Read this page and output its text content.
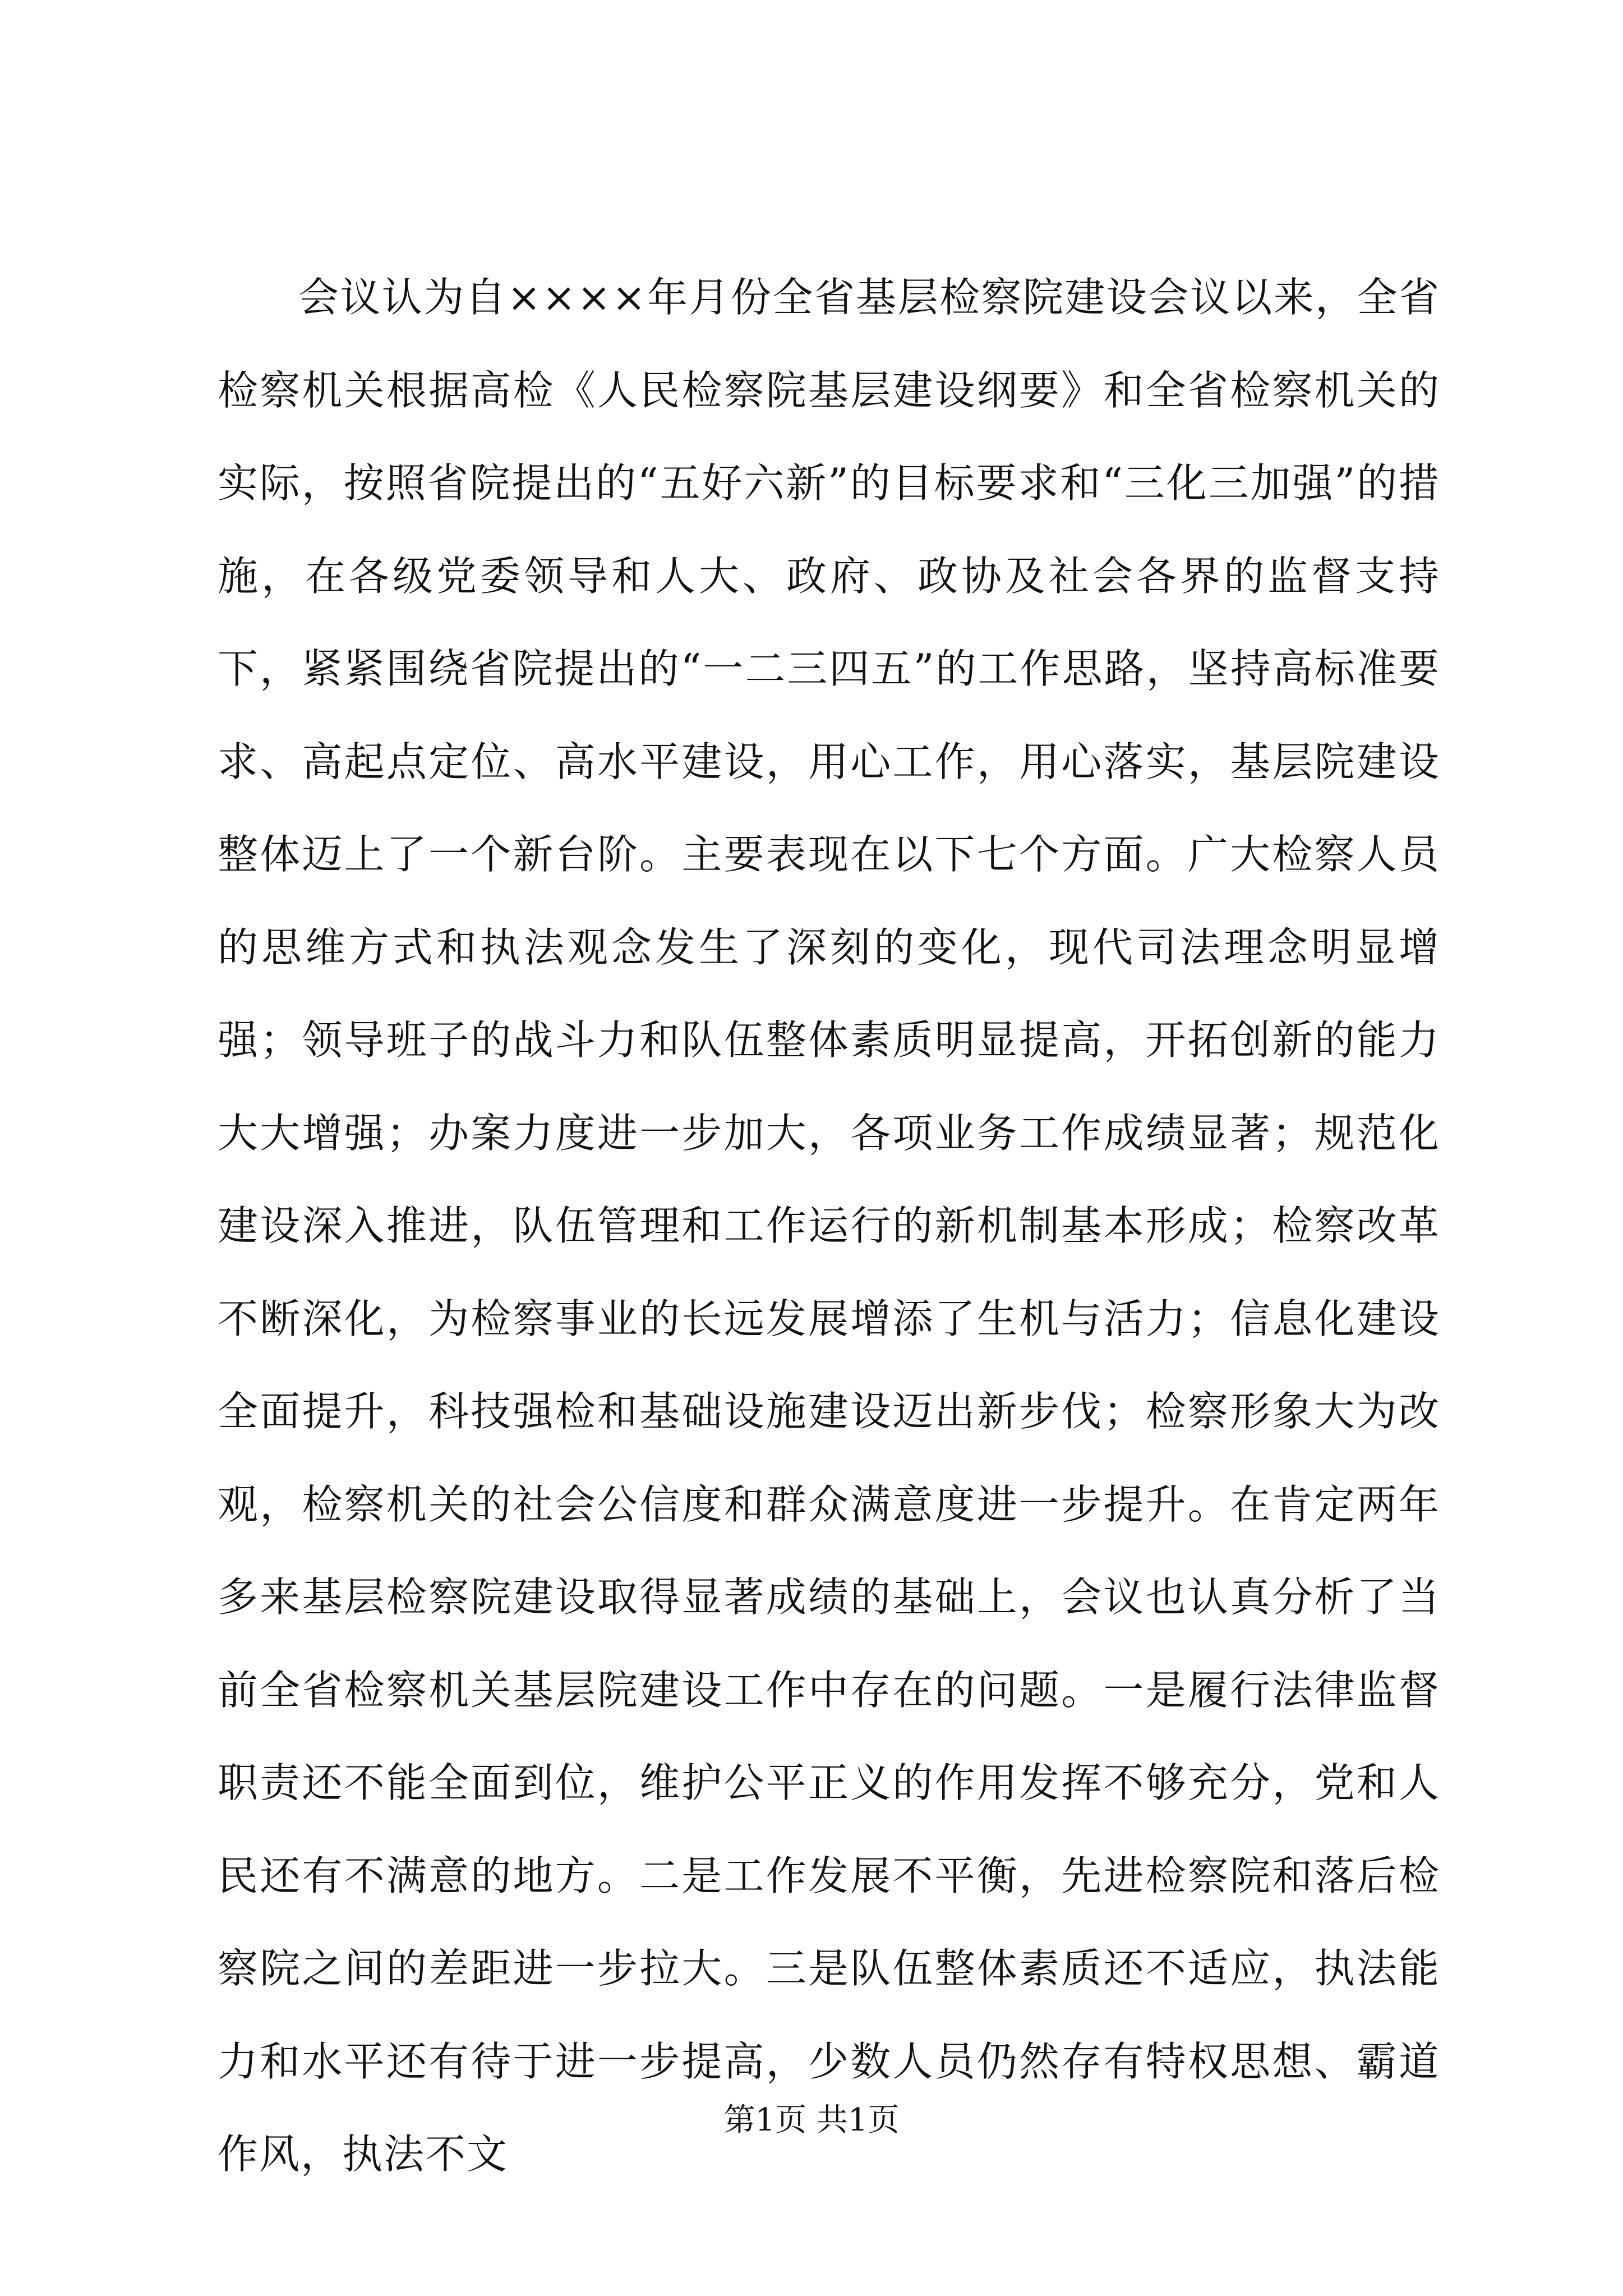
会议认为自××××年月份全省基层检察院建设会议以来，全省检察机关根据高检《人民检察院基层建设纲要》和全省检察机关的实际，按照省院提出的“五好六新”的目标要求和“三化三加强”的措施，在各级党委领导和人大、政府、政协及社会各界的监督支持下，紧紧围绕省院提出的“一二三四五”的工作思路，坚持高标准要求、高起点定位、高水平建设，用心工作，用心落实，基层院建设整体迈上了一个新台阶。主要表现在以下七个方面。广大检察人员的思维方式和执法观念发生了深刻的变化，现代司法理念明显增强；领导班子的战斗力和队伍整体素质明显提高，开拓创新的能力大大增强；办案力度进一步加大，各项业务工作成绩显著；规范化建设深入推进，队伍管理和工作运行的新机制基本形成；检察改革不断深化，为检察事业的长远发展增添了生机与活力；信息化建设全面提升，科技强检和基础设施建设迈出新步伐；检察形象大为改观，检察机关的社会公信度和群众满意度进一步提升。在肯定两年多来基层检察院建设取得显著成绩的基础上，会议也认真分析了当前全省检察机关基层院建设工作中存在的问题。一是履行法律监督职责还不能全面到位，维护公平正义的作用发挥不够充分，党和人民还有不满意的地方。二是工作发展不平衡，先进检察院和落后检察院之间的差距进一步拉大。三是队伍整体素质还不适应，执法能力和水平还有待于进一步提高，少数人员仍然存有特权思想、霸道作风，执法不文

第1页 共1页
